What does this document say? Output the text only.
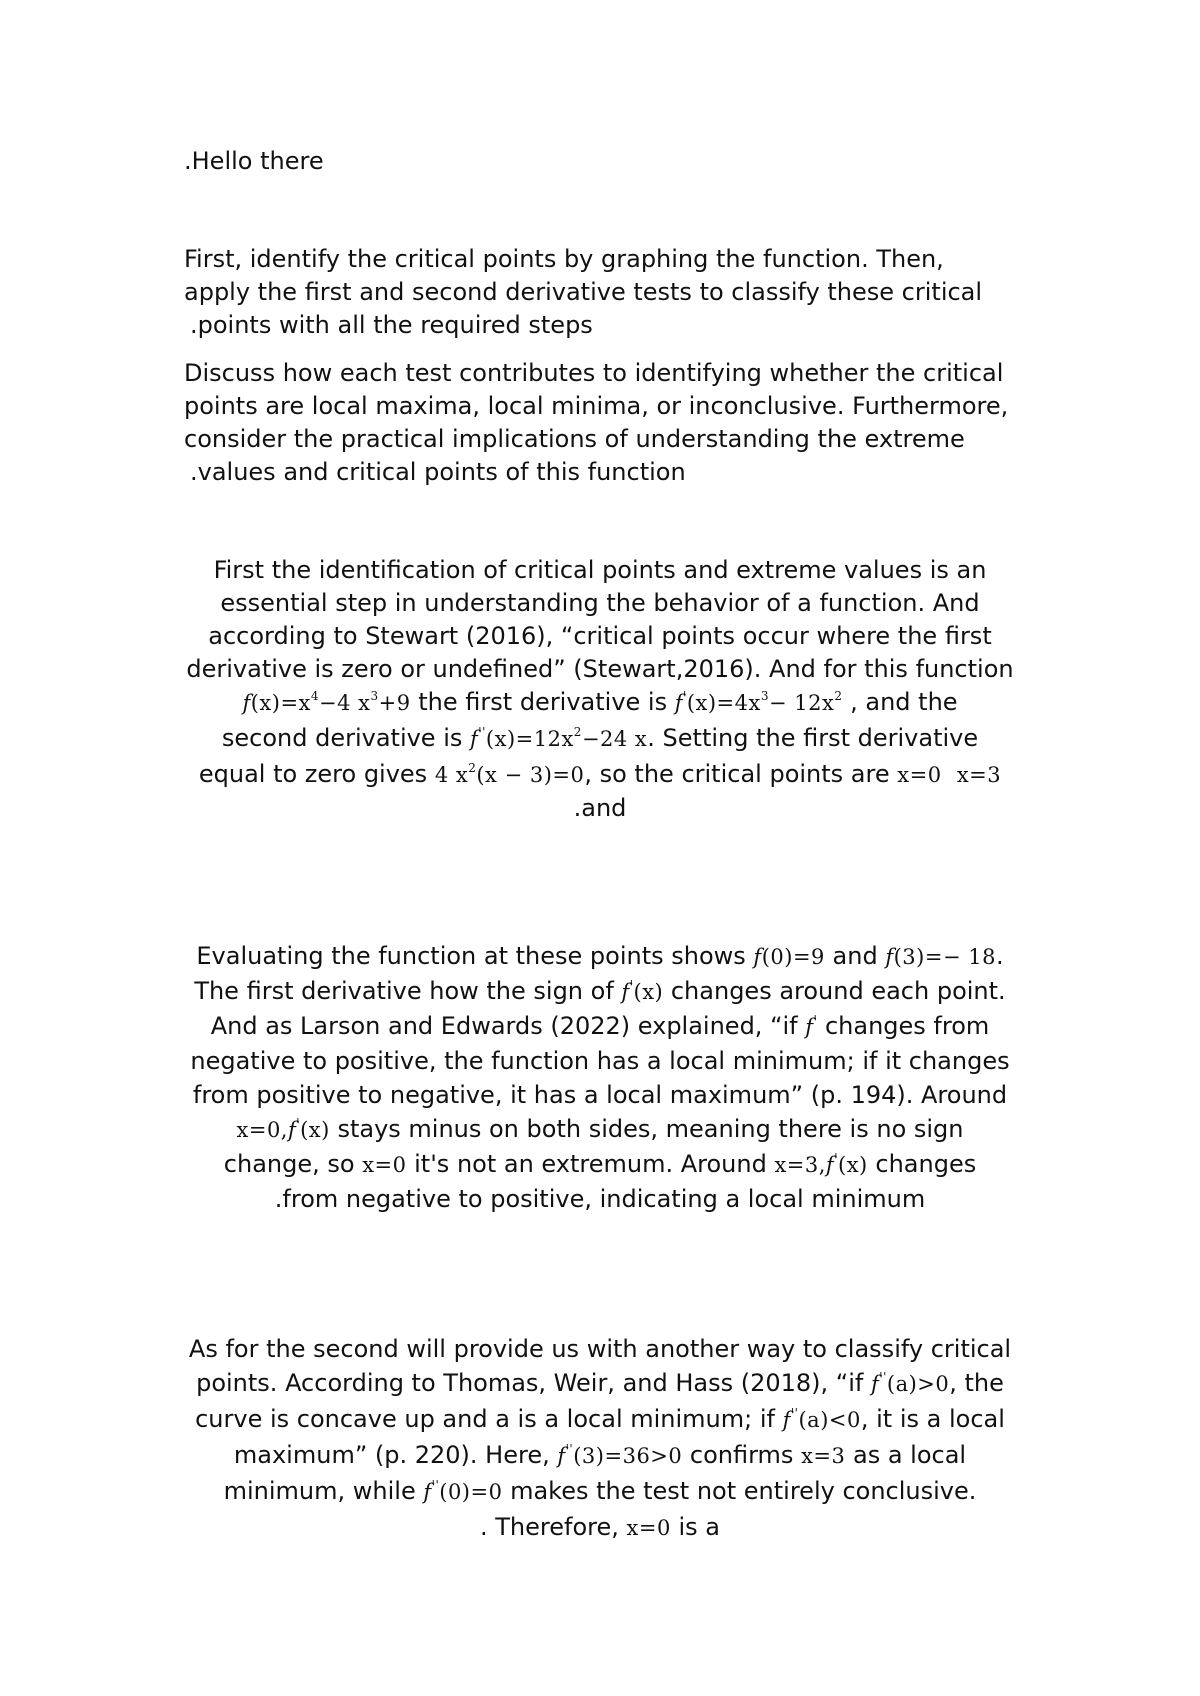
.Hello there
First, identify the critical points by graphing the function. Then,
apply the first and second derivative tests to classify these critical
.points with all the required steps
Discuss how each test contributes to identifying whether the critical
points are local maxima, local minima, or inconclusive. Furthermore,
consider the practical implications of understanding the extreme
.values and critical points of this function
First the identification of critical points and extreme values is an
essential step in understanding the behavior of a function. And
according to Stewart (2016), “critical points occur where the first
derivative is zero or undefined” (Stewart,2016). And for this function
$f(x)=x^4-4$ $x^3+9$ the first derivative is $f'(x)=4x^3- 12x^2$ , and the
second derivative is $f''(x)=12x^2-24$ x. Setting the first derivative
equal to zero gives 4 $x^2(x - 3)=0$, so the critical points are x=0 x=3
.and
Evaluating the function at these points shows f(0)=9 and f(3)=− 18.
The first derivative how the sign of f'(x) changes around each point.
And as Larson and Edwards (2022) explained, “if f' changes from
negative to positive, the function has a local minimum; if it changes
from positive to negative, it has a local maximum” (p. 194). Around
x=0,f'(x) stays minus on both sides, meaning there is no sign
change, so x=0 it's not an extremum. Around x=3,f'(x) changes
.from negative to positive, indicating a local minimum
As for the second will provide us with another way to classify critical
points. According to Thomas, Weir, and Hass (2018), “if f''(a)>0, the
curve is concave up and a is a local minimum; if f''(a)<0, it is a local
maximum” (p. 220). Here, f''(3)=36>0 confirms x=3 as a local
minimum, while f''(0)=0 makes the test not entirely conclusive.
. Therefore, x=0 is a
